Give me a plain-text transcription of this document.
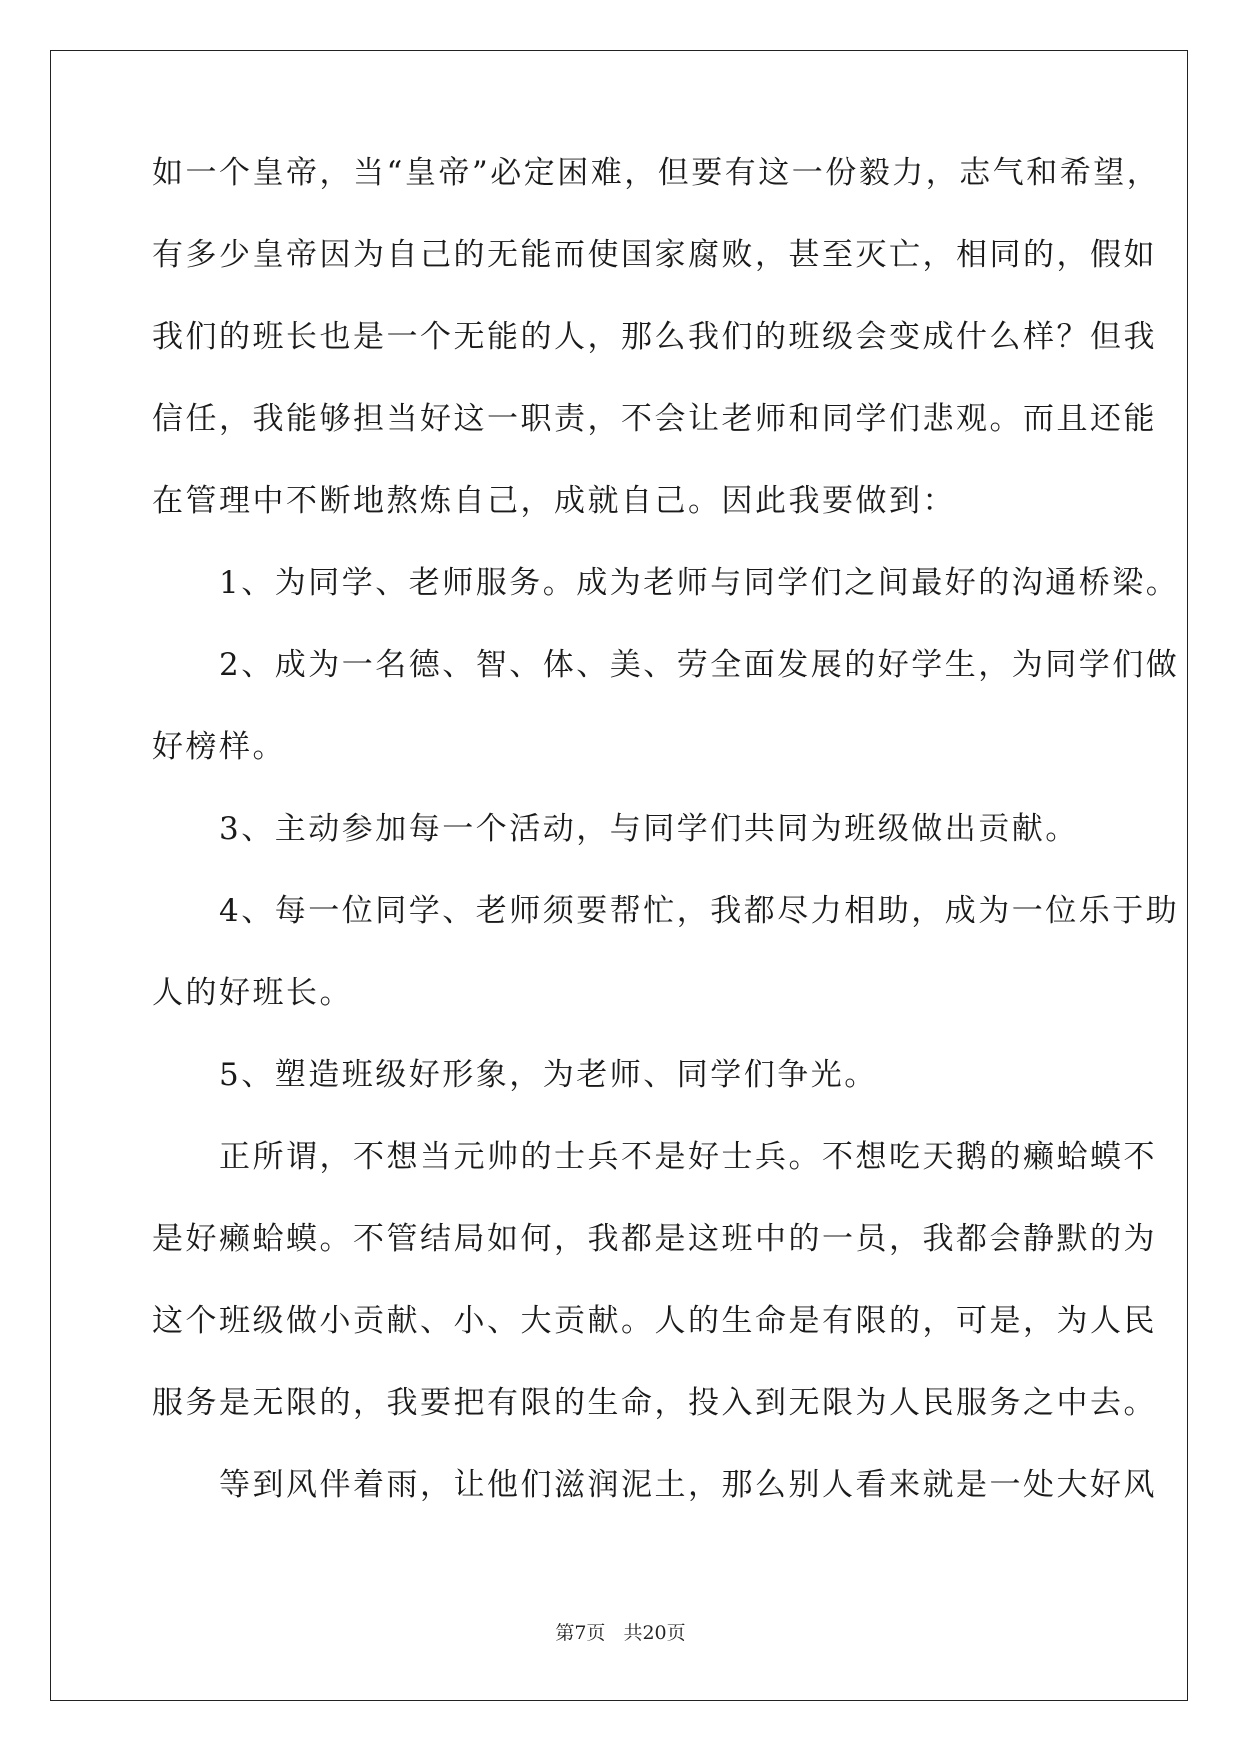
如一个皇帝，当“皇帝”必定困难，但要有这一份毅力，志气和希望，
有多少皇帝因为自己的无能而使国家腐败，甚至灭亡，相同的，假如
我们的班长也是一个无能的人，那么我们的班级会变成什么样？但我
信任，我能够担当好这一职责，不会让老师和同学们悲观。而且还能
在管理中不断地熬炼自己，成就自己。因此我要做到：
　　1、为同学、老师服务。成为老师与同学们之间最好的沟通桥梁。
　　2、成为一名德、智、体、美、劳全面发展的好学生，为同学们做
好榜样。
　　3、主动参加每一个活动，与同学们共同为班级做出贡献。
　　4、每一位同学、老师须要帮忙，我都尽力相助，成为一位乐于助
人的好班长。
　　5、塑造班级好形象，为老师、同学们争光。
　　正所谓，不想当元帅的士兵不是好士兵。不想吃天鹅的癞蛤蟆不
是好癞蛤蟆。不管结局如何，我都是这班中的一员，我都会静默的为
这个班级做小贡献、小、大贡献。人的生命是有限的，可是，为人民
服务是无限的，我要把有限的生命，投入到无限为人民服务之中去。
　　等到风伴着雨，让他们滋润泥土，那么别人看来就是一处大好风
第7页 共20页
